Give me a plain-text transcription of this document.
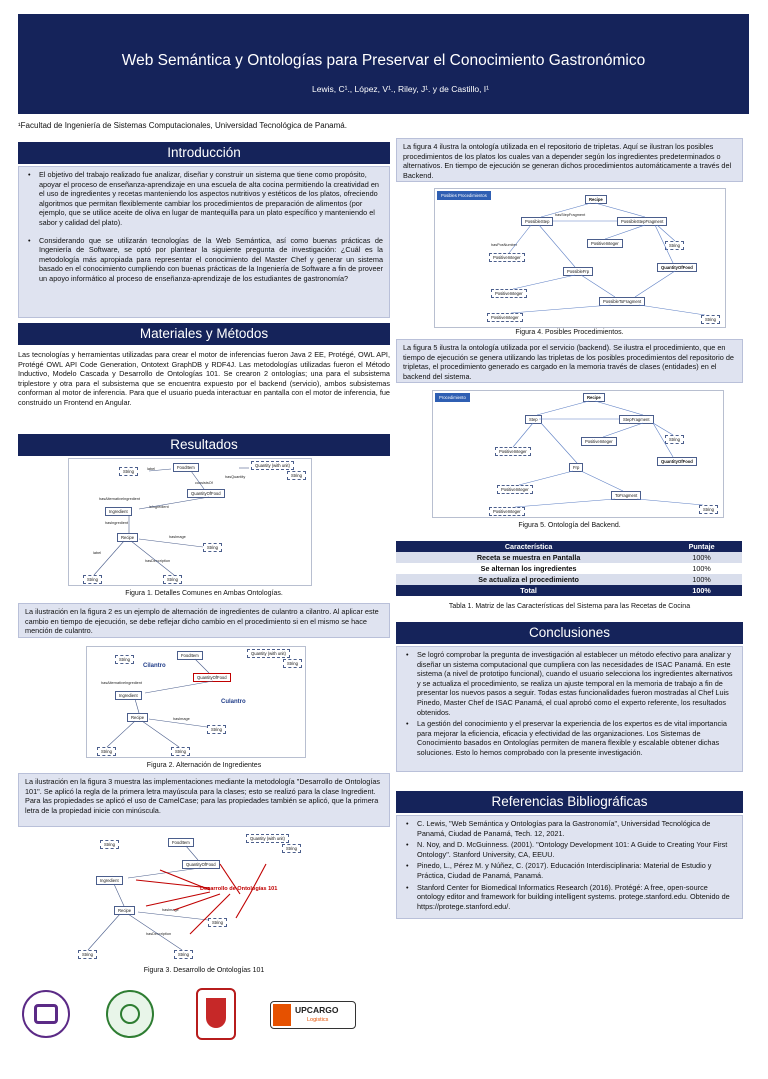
Web Semántica y Ontologías para Preservar el Conocimiento Gastronómico
Lewis, C¹., López, V¹., Riley, J¹. y de Castillo, I¹
¹Facultad de Ingeniería de Sistemas Computacionales, Universidad Tecnológica de Panamá.
Introducción
• El objetivo del trabajo realizado fue analizar, diseñar y construir un sistema que tiene como propósito, apoyar el proceso de enseñanza-aprendizaje en una escuela de alta cocina permitiendo la creatividad en el uso de ingredientes y recetas manteniendo los aspectos nutritivos y estéticos de los platos, ofreciendo algoritmos que permitan flexiblemente cambiar los procedimientos de preparación de alimentos (por ejemplo, que se utilice aceite de oliva en lugar de mantequilla para un plato específico y manteniendo el sabor y calidad del plato).
• Considerando que se utilizarán tecnologías de la Web Semántica, así como buenas prácticas de Ingeniería de Software, se optó por plantear la siguiente pregunta de investigación: ¿Cuál es la metodología más apropiada para representar el conocimiento del Master Chef y generar un sistema basado en el conocimiento cumpliendo con buenas prácticas de la Ingeniería de Software a fin de proveer un apoyo informático al proceso de enseñanza-aprendizaje de los estudiantes de gastronomía?
Materiales y Métodos
Las tecnologías y herramientas utilizadas para crear el motor de inferencias fueron Java 2 EE, Protégé, OWL API, Protégé OWL API Code Generation, Ontotext GraphDB y RDF4J. Las metodologías utilizadas fueron el Método Inductivo, Modelo Cascada y Desarrollo de Ontologías 101. Se crearon 2 ontologías; una para el subsistema triplestore y otra para el subsistema que se encuentra expuesto por el backend (servicio), ambos subsistemas conforman al motor de inferencia. Para que el usuario pueda interactuar en pantalla con el motor de inferencia, fue construido un Frontend en Angular.
Resultados
FoodItem
String	label
Quantity (with unit)
String
consistsOf
hasQuantity
QuantityOfFood
hasAlternativeIngredient
isIngredient
Ingredient
hasIngredient
Recipe	hasImage
String
label
hasDescription
String	String
Figura 1. Detalles Comunes en Ambas Ontologías.
La ilustración en la figura 2 es un ejemplo de alternación de ingredientes de culantro a cilantro. Al aplicar este cambio en tiempo de ejecución, se debe reflejar dicho cambio en el procedimiento si en el mismo se hace mención de culantro.
FoodItem
String
Quantity (with unit)
String
Cilantro
QuantityOfFood
hasAlternativeIngredient
Ingredient
Culantro
Recipe	hasImage
String
String	String
Figura 2. Alternación de Ingredientes
La ilustración en la figura 3 muestra las implementaciones mediante la metodología "Desarrollo de Ontologías 101". Se aplicó la regla de la primera letra mayúscula para la clases; esto se realizó para la clase Ingredient. Para las propiedades se aplicó el uso de CamelCase; para las propiedades también se aplicó, que la primera letra de la propiedad inicie con minúscula.
FoodItem
String
Quantity (with unit)
String
QuantityOfFood
Ingredient
Desarrollo de Ontologías 101
Recipe	hasImage
String
hasDescription
String	String
Figura 3. Desarrollo de Ontologías 101
UPCARGO
Logistics
La figura 4 ilustra la ontología utilizada en el repositorio de tripletas. Aquí se ilustran los posibles procedimientos de los platos los cuales van a depender según los ingredientes predeterminados o alternativos. En tiempo de ejecución se generan dichos procedimientos automáticamente a través del Backend.
Posibles Procedimientos
Recipe
PossibleStep	PossibleStepFragment
hasStepFragment
hasPosNumber
PositiveInteger
PositiveInteger	String
PossibleFrp
QuantityOfFood
PositiveInteger
PossibleToFragment
PositiveInteger	String
Figura 4. Posibles Procedimientos.
La figura 5 ilustra la ontología utilizada por el servicio (backend). Se ilustra el procedimiento, que en tiempo de ejecución se genera utilizando las tripletas de los posibles procedimientos del repositorio de tripletas, el procedimiento generado es cargado en la memoria través de clases (entidades) en el backend del sistema.
Procedimiento	Recipe
Step	StepFragment
PositiveInteger
PositiveInteger	String
QuantityOfFood
Frp
PositiveInteger
ToFragment
PositiveInteger	String
Figura 5. Ontología del Backend.
Característica	Puntaje
Receta se muestra en Pantalla	100%
Se alternan los ingredientes	100%
Se actualiza el procedimiento	100%
Total	100%
Tabla 1. Matriz de las Características del Sistema para las Recetas de Cocina
Conclusiones
• Se logró comprobar la pregunta de investigación al establecer un método efectivo para analizar y diseñar un sistema computacional que cumpliera con las necesidades de ISAC Panamá. En este sistema (a nivel de prototipo funcional), cuando el usuario selecciona los ingredientes alternativos y se actualiza el procedimiento, se realiza un ajuste temporal en la memoria de trabajo a fin de presentar los nuevos pasos a seguir. Todas estas funcionalidades fueron mostradas al Chef Luis Pinedo, Master Chef de ISAC Panamá, el cual aprobó como el experto referente, los resultados obtenidos.
• La gestión del conocimiento y el preservar la experiencia de los expertos es de vital importancia para mejorar la eficiencia, eficacia y efectividad de las organizaciones. Los Sistemas de Conocimiento basados en Ontologías permiten de manera flexible y escalable obtener dichas soluciones. Esto lo hemos comprobado con la presente investigación.
Referencias Bibliográficas
• C. Lewis, "Web Semántica y Ontologías para la Gastronomía", Universidad Tecnológica de Panamá, Ciudad de Panamá, Tech. 12, 2021.
• N. Noy, and D. McGuinness. (2001). "Ontology Development 101: A Guide to Creating Your First Ontology". Stanford University, CA, EEUU.
• Pinedo, L., Pérez M. y Núñez, C. (2017). Educación Interdisciplinaria: Material de Estudio y Práctica, Ciudad de Panamá, Panamá.
• Stanford Center for Biomedical Informatics Research (2016). Protégé: A free, open-source ontology editor and framework for building intelligent systems. protege.stanford.edu. Obtenido de https://protege.stanford.edu/.
